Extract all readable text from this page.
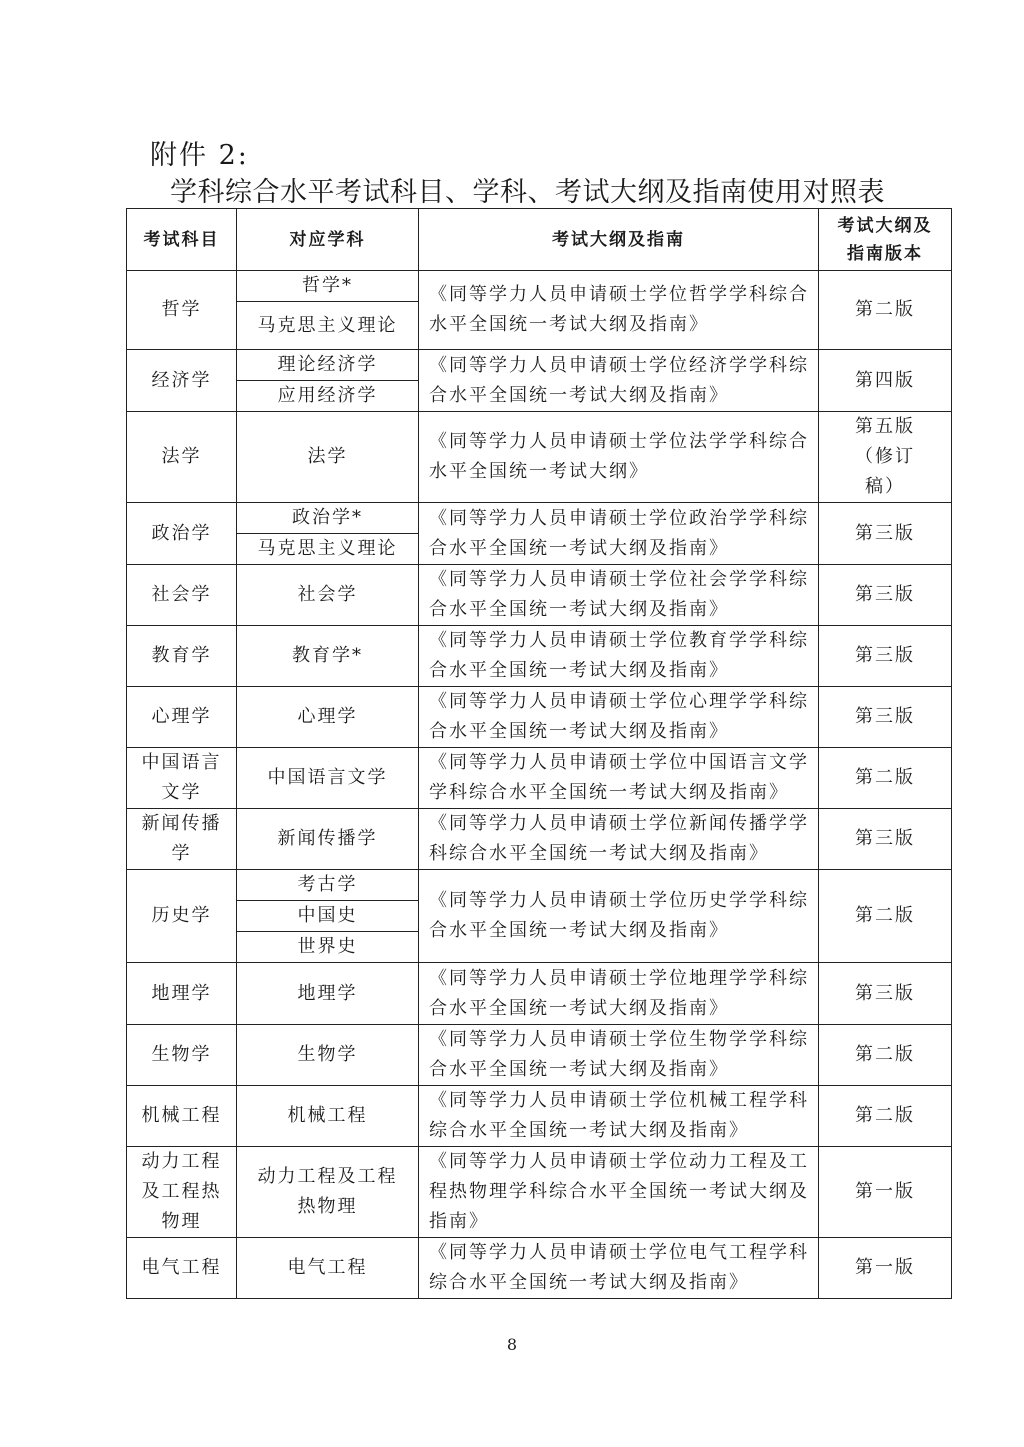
附件 2:
学科综合水平考试科目、学科、考试大纲及指南使用对照表
考试科目	对应学科	考试大纲及指南	考试大纲及指南版本
哲学	哲学*	《同等学力人员申请硕士学位哲学学科综合水平全国统一考试大纲及指南》	第二版
	马克思主义理论		
经济学	理论经济学	《同等学力人员申请硕士学位经济学学科综合水平全国统一考试大纲及指南》	第四版
	应用经济学		
法学	法学	《同等学力人员申请硕士学位法学学科综合水平全国统一考试大纲》	第五版（修订稿）
政治学	政治学*	《同等学力人员申请硕士学位政治学学科综合水平全国统一考试大纲及指南》	第三版
	马克思主义理论		
社会学	社会学	《同等学力人员申请硕士学位社会学学科综合水平全国统一考试大纲及指南》	第三版
教育学	教育学*	《同等学力人员申请硕士学位教育学学科综合水平全国统一考试大纲及指南》	第三版
心理学	心理学	《同等学力人员申请硕士学位心理学学科综合水平全国统一考试大纲及指南》	第三版
中国语言文学	中国语言文学	《同等学力人员申请硕士学位中国语言文学学科综合水平全国统一考试大纲及指南》	第二版
新闻传播学	新闻传播学	《同等学力人员申请硕士学位新闻传播学学科综合水平全国统一考试大纲及指南》	第三版
历史学	考古学	《同等学力人员申请硕士学位历史学学科综合水平全国统一考试大纲及指南》	第二版
	中国史		
	世界史		
地理学	地理学	《同等学力人员申请硕士学位地理学学科综合水平全国统一考试大纲及指南》	第三版
生物学	生物学	《同等学力人员申请硕士学位生物学学科综合水平全国统一考试大纲及指南》	第二版
机械工程	机械工程	《同等学力人员申请硕士学位机械工程学科综合水平全国统一考试大纲及指南》	第二版
动力工程及工程热物理	动力工程及工程热物理	《同等学力人员申请硕士学位动力工程及工程热物理学科综合水平全国统一考试大纲及指南》	第一版
电气工程	电气工程	《同等学力人员申请硕士学位电气工程学科综合水平全国统一考试大纲及指南》	第一版
8
